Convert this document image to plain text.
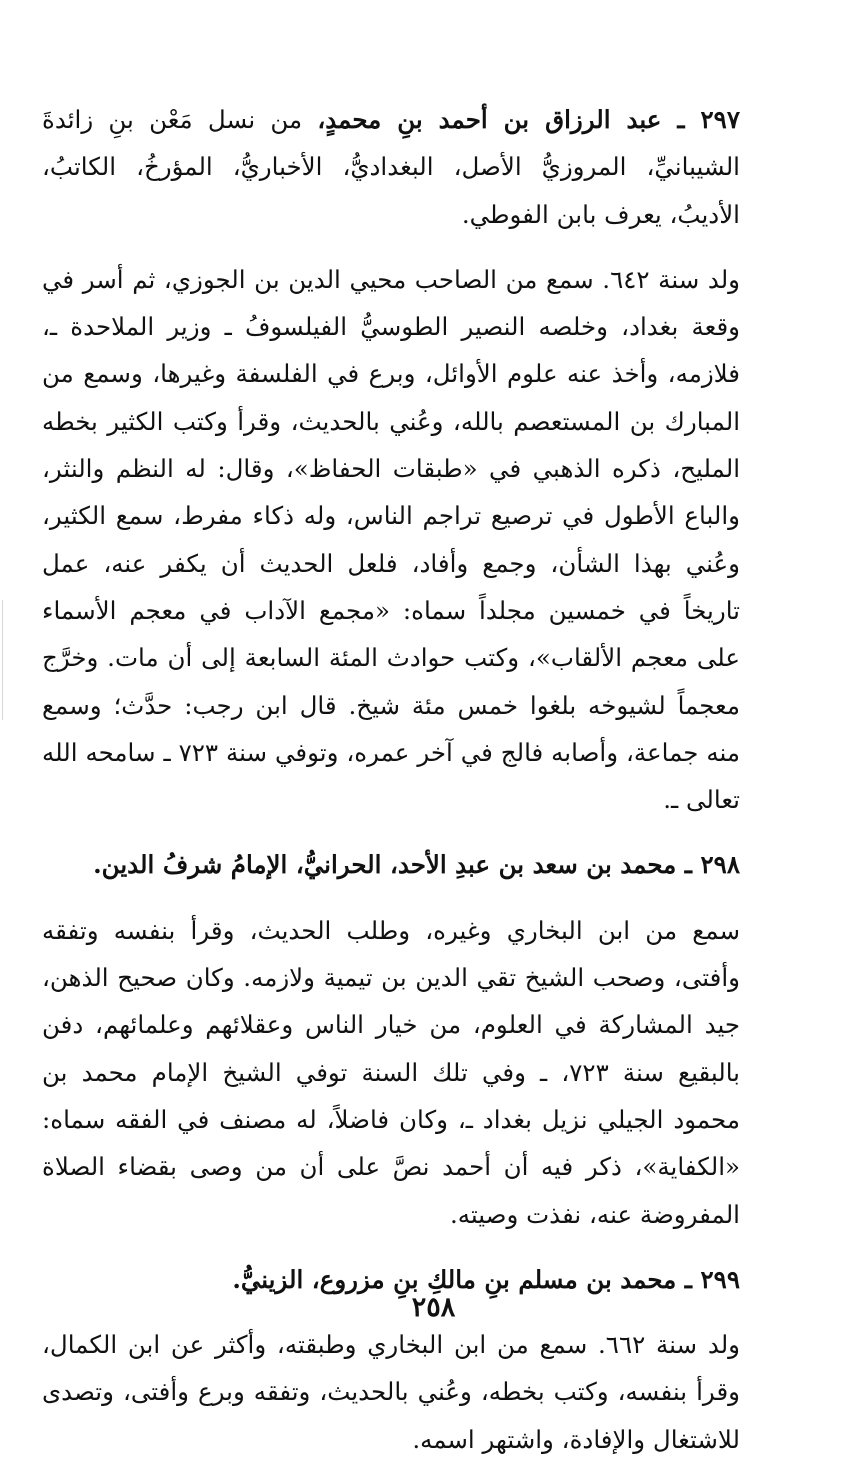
٢٩٧ ـ عبد الرزاق بن أحمد بنِ محمدٍ، من نسل مَعْن بنِ زائدةَ الشيبانيِّ، المروزيُّ الأصل، البغداديُّ، الأخباريُّ، المؤرخُ، الكاتبُ، الأديبُ، يعرف بابن الفوطي.

ولد سنة ٦٤٢. سمع من الصاحب محيي الدين بن الجوزي، ثم أسر في وقعة بغداد، وخلصه النصير الطوسيُّ الفيلسوفُ ـ وزير الملاحدة ـ، فلازمه، وأخذ عنه علوم الأوائل، وبرع في الفلسفة وغيرها، وسمع من المبارك بن المستعصم بالله، وعُني بالحديث، وقرأ وكتب الكثير بخطه المليح، ذكره الذهبي في «طبقات الحفاظ»، وقال: له النظم والنثر، والباع الأطول في ترصيع تراجم الناس، وله ذكاء مفرط، سمع الكثير، وعُني بهذا الشأن، وجمع وأفاد، فلعل الحديث أن يكفر عنه، عمل تاريخاً في خمسين مجلداً سماه: «مجمع الآداب في معجم الأسماء على معجم الألقاب»، وكتب حوادث المئة السابعة إلى أن مات. وخرَّج معجماً لشيوخه بلغوا خمس مئة شيخ. قال ابن رجب: حدَّث؛ وسمع منه جماعة، وأصابه فالج في آخر عمره، وتوفي سنة ٧٢٣ ـ سامحه الله تعالى ـ.

٢٩٨ ـ محمد بن سعد بن عبدِ الأحد، الحرانيُّ، الإمامُ شرفُ الدين.

سمع من ابن البخاري وغيره، وطلب الحديث، وقرأ بنفسه وتفقه وأفتى، وصحب الشيخ تقي الدين بن تيمية ولازمه. وكان صحيح الذهن، جيد المشاركة في العلوم، من خيار الناس وعقلائهم وعلمائهم، دفن بالبقيع سنة ٧٢٣، ـ وفي تلك السنة توفي الشيخ الإمام محمد بن محمود الجيلي نزيل بغداد ـ، وكان فاضلاً، له مصنف في الفقه سماه: «الكفاية»، ذكر فيه أن أحمد نصَّ على أن من وصى بقضاء الصلاة المفروضة عنه، نفذت وصيته.

٢٩٩ ـ محمد بن مسلم بنِ مالكِ بنِ مزروع، الزينيُّ.

ولد سنة ٦٦٢. سمع من ابن البخاري وطبقته، وأكثر عن ابن الكمال، وقرأ بنفسه، وكتب بخطه، وعُني بالحديث، وتفقه وبرع وأفتى، وتصدى للاشتغال والإفادة، واشتهر اسمه.

٢٥٨
